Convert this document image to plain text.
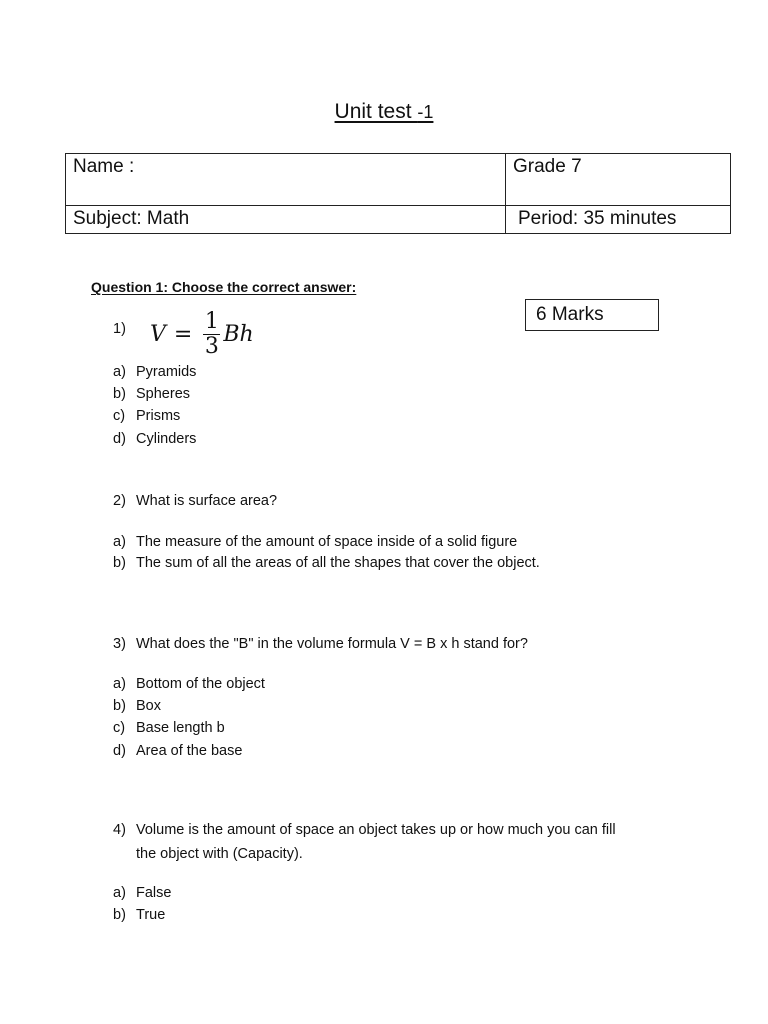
Unit test -1
Name :	Grade 7
Subject: Math	Period: 35 minutes
Question 1: Choose the correct answer:
6 Marks
1) $V = \frac{1}{3}$ Bh
a) Pyramids
b) Spheres
c) Prisms
d) Cylinders
2) What is surface area?
a) The measure of the amount of space inside of a solid figure
b) The sum of all the areas of all the shapes that cover the object.
3) What does the "B" in the volume formula V = B x h stand for?
a) Bottom of the object
b) Box
c) Base length b
d) Area of the base
4) Volume is the amount of space an object takes up or how much you can fill
the object with (Capacity).
a) False
b) True
